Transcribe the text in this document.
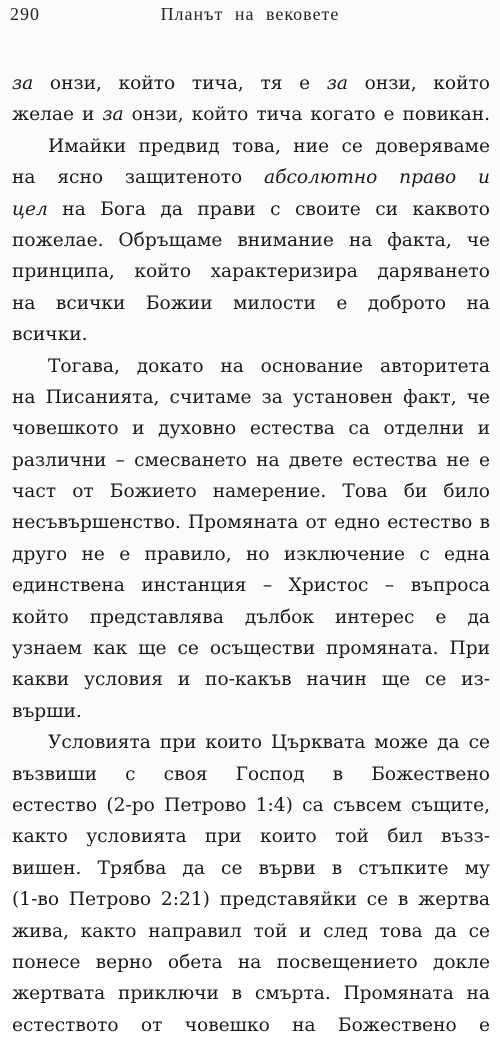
290	Планът на вековете
за онзи, който тича, тя е за онзи, който
желае и за онзи, който тича когато е повикан.
Имайки предвид това, ние се доверяваме
на ясно защитеното абсолютно право и
цел на Бога да прави с своите си каквото
пожелае. Обръщаме внимание на факта, че
принципа, който характеризира даряването
на всички Божии милости е доброто на
всички.
Тогава, докато на основание авторитета
на Писанията, считаме за установен факт, че
човешкото и духовно естества са отделни и
различни – смесването на двете естества не е
част от Божието намерение. Това би било
несъвършенство. Промяната от едно естество в
друго не е правило, но изключение с една
единствена инстанция – Христос – въпроса
който представлява дълбок интерес е да
узнаем как ще се осъществи промяната. При
какви условия и по-какъв начин ще се из-
върши.
Условията при които Църквата може да се
възвиши с своя Господ в Божествено
естество (2-ро Петрово 1:4) са съвсем същите,
както условията при които той бил възз-
вишен. Трябва да се върви в стъпките му
(1-во Петрово 2:21) представяйки се в жертва
жива, както направил той и след това да се
понесе верно обета на посвещението докле
жертвата приключи в смърта. Промяната на
естеството от човешко на Божествено е
